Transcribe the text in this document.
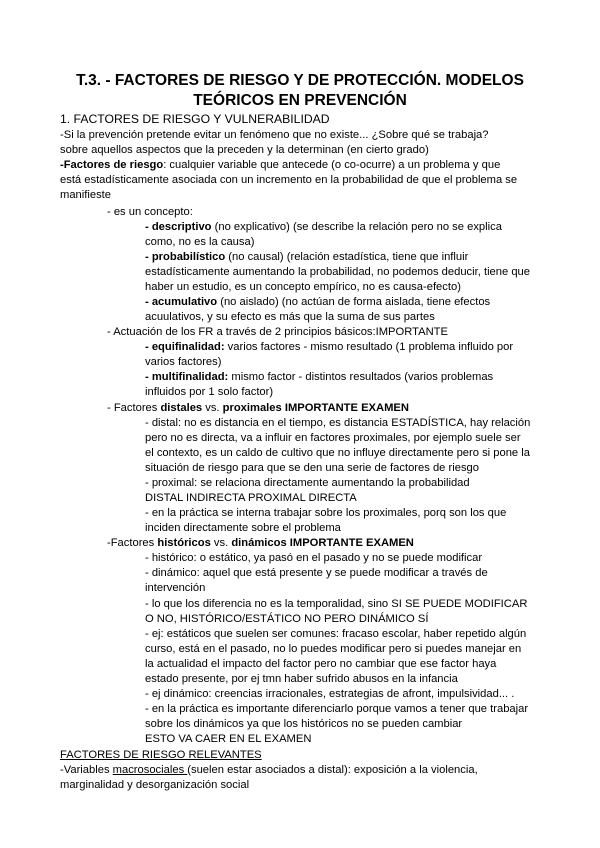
T.3. - FACTORES DE RIESGO Y DE PROTECCIÓN. MODELOS
TEÓRICOS EN PREVENCIÓN
1. FACTORES DE RIESGO Y VULNERABILIDAD
-Si la prevención pretende evitar un fenómeno que no existe... ¿Sobre qué se trabaja?
sobre aquellos aspectos que la preceden y la determinan (en cierto grado)
-Factores de riesgo: cualquier variable que antecede (o co-ocurre) a un problema y que
está estadísticamente asociada con un incremento en la probabilidad de que el problema se
manifieste
- es un concepto:
- descriptivo (no explicativo) (se describe la relación pero no se explica
como, no es la causa)
- probabilístico (no causal) (relación estadística, tiene que influir
estadísticamente aumentando la probabilidad, no podemos deducir, tiene que
haber un estudio, es un concepto empírico, no es causa-efecto)
- acumulativo (no aislado) (no actúan de forma aislada, tiene efectos
acuulativos, y su efecto es más que la suma de sus partes
- Actuación de los FR a través de 2 principios básicos:IMPORTANTE
- equifinalidad: varios factores - mismo resultado (1 problema influido por
varios factores)
- multifinalidad: mismo factor - distintos resultados (varios problemas
influidos por 1 solo factor)
- Factores distales vs. proximales IMPORTANTE EXAMEN
- distal: no es distancia en el tiempo, es distancia ESTADÍSTICA, hay relación
pero no es directa, va a influir en factores proximales, por ejemplo suele ser
el contexto, es un caldo de cultivo que no influye directamente pero si pone la
situación de riesgo para que se den una serie de factores de riesgo
- proximal: se relaciona directamente aumentando la probabilidad
DISTAL INDIRECTA PROXIMAL DIRECTA
- en la práctica se interna trabajar sobre los proximales, porq son los que
inciden directamente sobre el problema
-Factores históricos vs. dinámicos IMPORTANTE EXAMEN
- histórico: o estático, ya pasó en el pasado y no se puede modificar
- dinámico: aquel que está presente y se puede modificar a través de
intervención
- lo que los diferencia no es la temporalidad, sino SI SE PUEDE MODIFICAR
O NO, HISTÓRICO/ESTÁTICO NO PERO DINÁMICO SÍ
- ej: estáticos que suelen ser comunes: fracaso escolar, haber repetido algún
curso, está en el pasado, no lo puedes modificar pero si puedes manejar en
la actualidad el impacto del factor pero no cambiar que ese factor haya
estado presente, por ej tmn haber sufrido abusos en la infancia
- ej dinámico: creencias irracionales, estrategias de afront, impulsividad... .
- en la práctica es importante diferenciarlo porque vamos a tener que trabajar
sobre los dinámicos ya que los históricos no se pueden cambiar
ESTO VA CAER EN EL EXAMEN
FACTORES DE RIESGO RELEVANTES
-Variables macrosociales (suelen estar asociados a distal): exposición a la violencia,
marginalidad y desorganización social
